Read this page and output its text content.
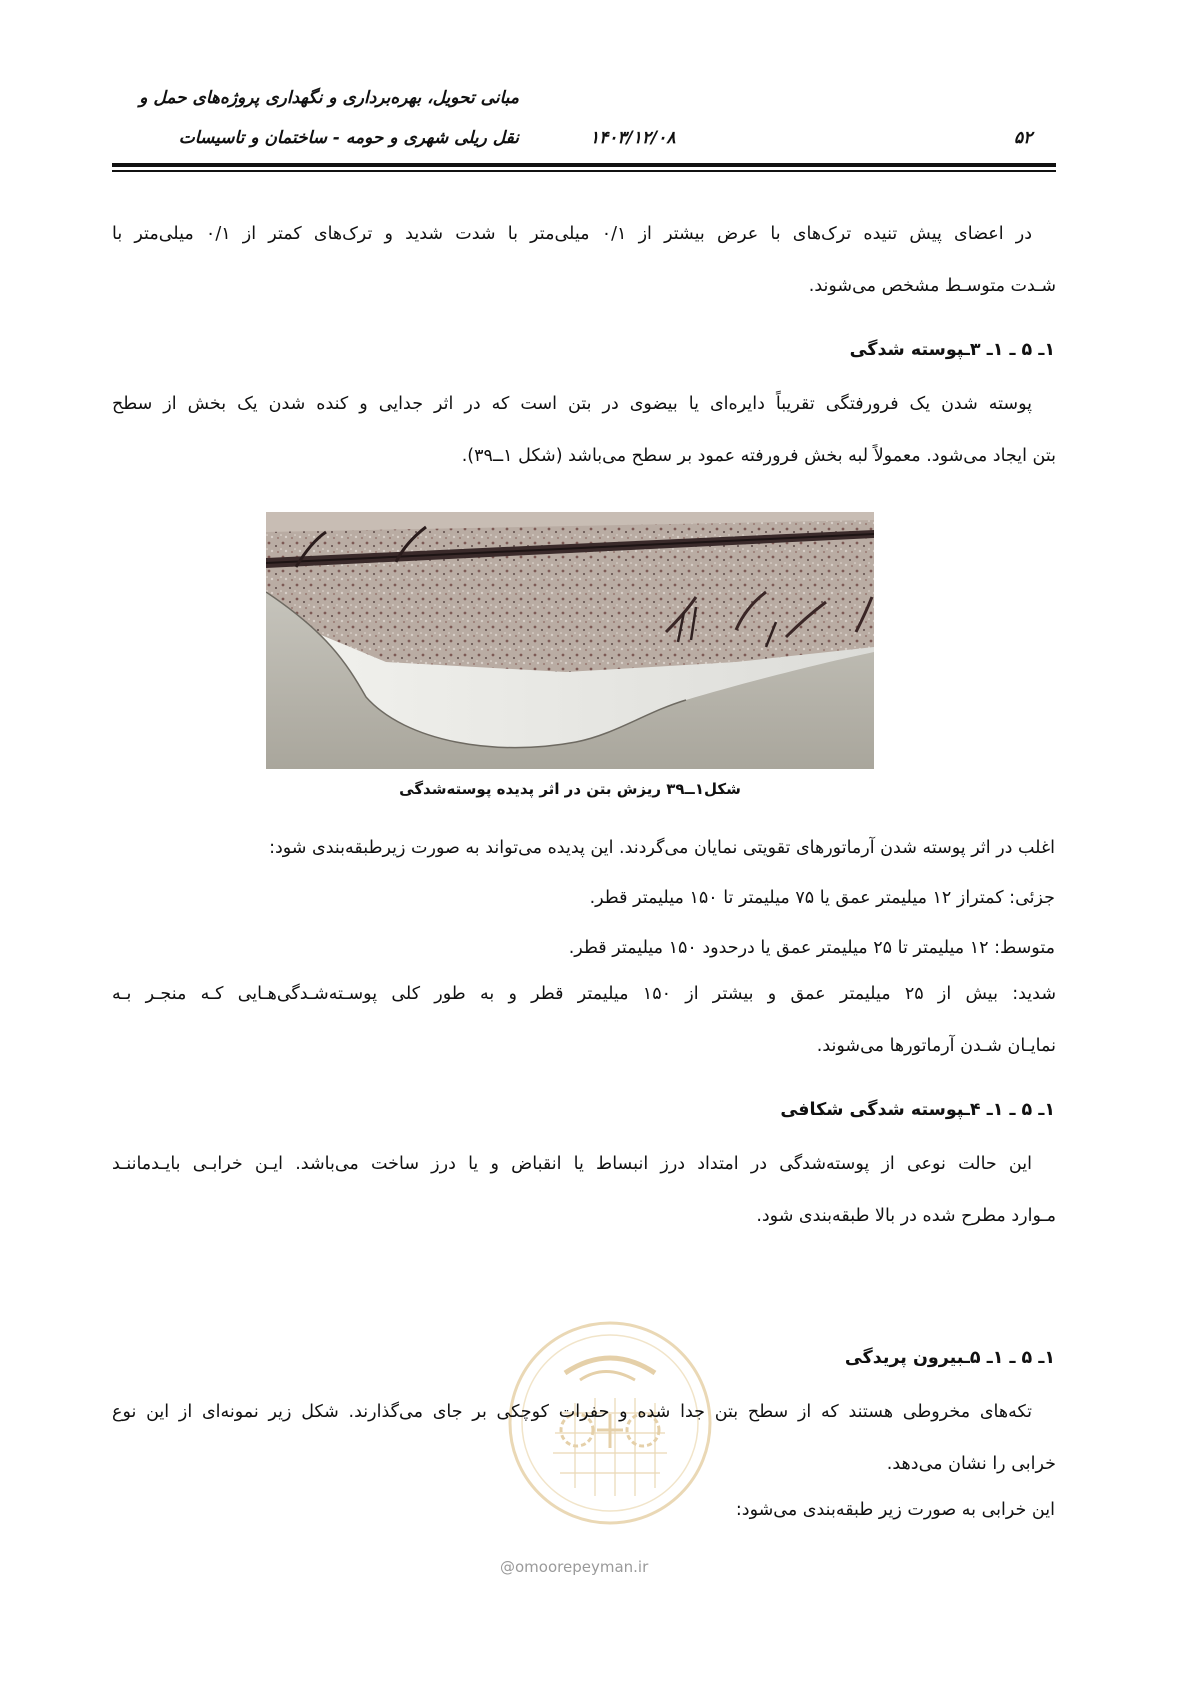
مبانی تحویل، بهره‌برداری و نگهداری پروژه‌های حمل و
نقل ریلی شهری و حومه - ساختمان و تاسیسات	۱۴۰۳/۱۲/۰۸	۵۲
در اعضای پیش تنیده ترک‌های با عرض بیشتر از ۰/۱ میلی‌متر با شدت شدید و ترک‌های کمتر از ۰/۱ میلی‌متر با
شـدت متوسـط مشخص می‌شوند.
۱ـ ۵ ـ ۱ـ ۳ـپوسته شدگی
پوسته شدن یک فرورفتگی تقریباً دایره‌ای یا بیضوی در بتن است که در اثر جدایی و کنده شدن یک بخش از سطح
بتن ایجاد می‌شود. معمولاً لبه بخش فرورفته عمود بر سطح می‌باشد (شکل ۱ــ۳۹).
شکل۱ــ۳۹ ریزش بتن در اثر پدیده پوسته‌شدگی
اغلب در اثر پوسته شدن آرماتورهای تقویتی نمایان می‌گردند. این پدیده می‌تواند به صورت زیرطبقه‌بندی شود:
جزئی: کمتراز ۱۲ میلیمتر عمق یا ۷۵ میلیمتر تا ۱۵۰ میلیمتر قطر.
متوسط: ۱۲ میلیمتر تا ۲۵ میلیمتر عمق یا درحدود ۱۵۰ میلیمتر قطر.
شدید: بیش از ۲۵ میلیمتر عمق و بیشتر از ۱۵۰ میلیمتر قطر و به طور کلی پوسـته‌شـدگی‌هـایی کـه منجـر بـه
نمایـان شـدن آرماتورها می‌شوند.
۱ـ ۵ ـ ۱ـ ۴ـپوسته شدگی شکافی
این حالت نوعی از پوسته‌شدگی در امتداد درز انبساط یا انقباض و یا درز ساخت می‌باشد. ایـن خرابـی بایـدماننـد
مـوارد مطرح شده در بالا طبقه‌بندی شود.
@omoorepeyman.ir
۱ـ ۵ ـ ۱ـ ۵ـبیرون پریدگی
تکه‌های مخروطی هستند که از سطح بتن جدا شده و حفرات کوچکی بر جای می‌گذارند. شکل زیر نمونه‌ای از این نوع
خرابی را نشان می‌دهد.
این خرابی به صورت زیر طبقه‌بندی می‌شود:
